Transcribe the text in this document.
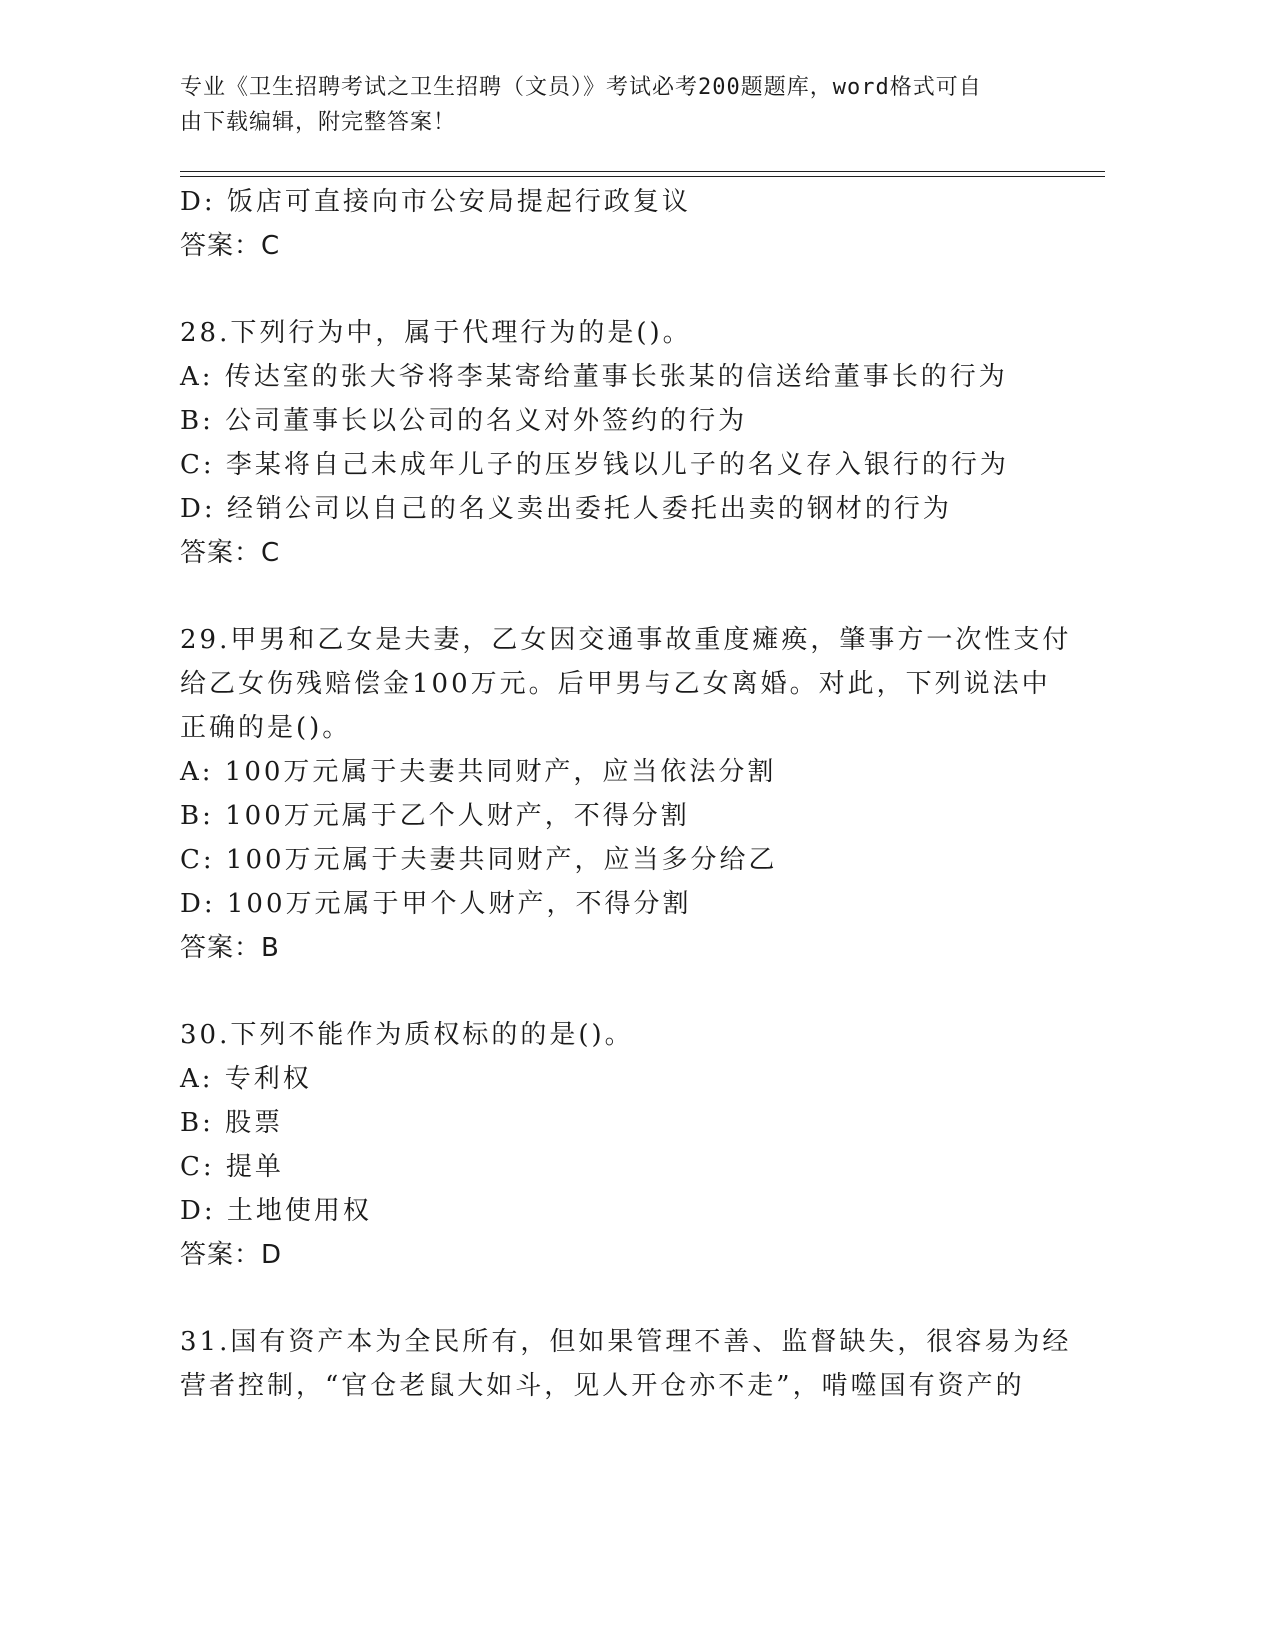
专业《卫生招聘考试之卫生招聘（文员）》考试必考200题题库，word格式可自
由下载编辑，附完整答案！
D: 饭店可直接向市公安局提起行政复议
答案：C
28.下列行为中，属于代理行为的是()。
A: 传达室的张大爷将李某寄给董事长张某的信送给董事长的行为
B: 公司董事长以公司的名义对外签约的行为
C: 李某将自己未成年儿子的压岁钱以儿子的名义存入银行的行为
D: 经销公司以自己的名义卖出委托人委托出卖的钢材的行为
答案：C
29.甲男和乙女是夫妻，乙女因交通事故重度瘫痪，肇事方一次性支付
给乙女伤残赔偿金100万元。后甲男与乙女离婚。对此，下列说法中
正确的是()。
A: 100万元属于夫妻共同财产，应当依法分割
B: 100万元属于乙个人财产，不得分割
C: 100万元属于夫妻共同财产，应当多分给乙
D: 100万元属于甲个人财产，不得分割
答案：B
30.下列不能作为质权标的的是()。
A: 专利权
B: 股票
C: 提单
D: 土地使用权
答案：D
31.国有资产本为全民所有，但如果管理不善、监督缺失，很容易为经
营者控制，“官仓老鼠大如斗，见人开仓亦不走”，啃噬国有资产的
